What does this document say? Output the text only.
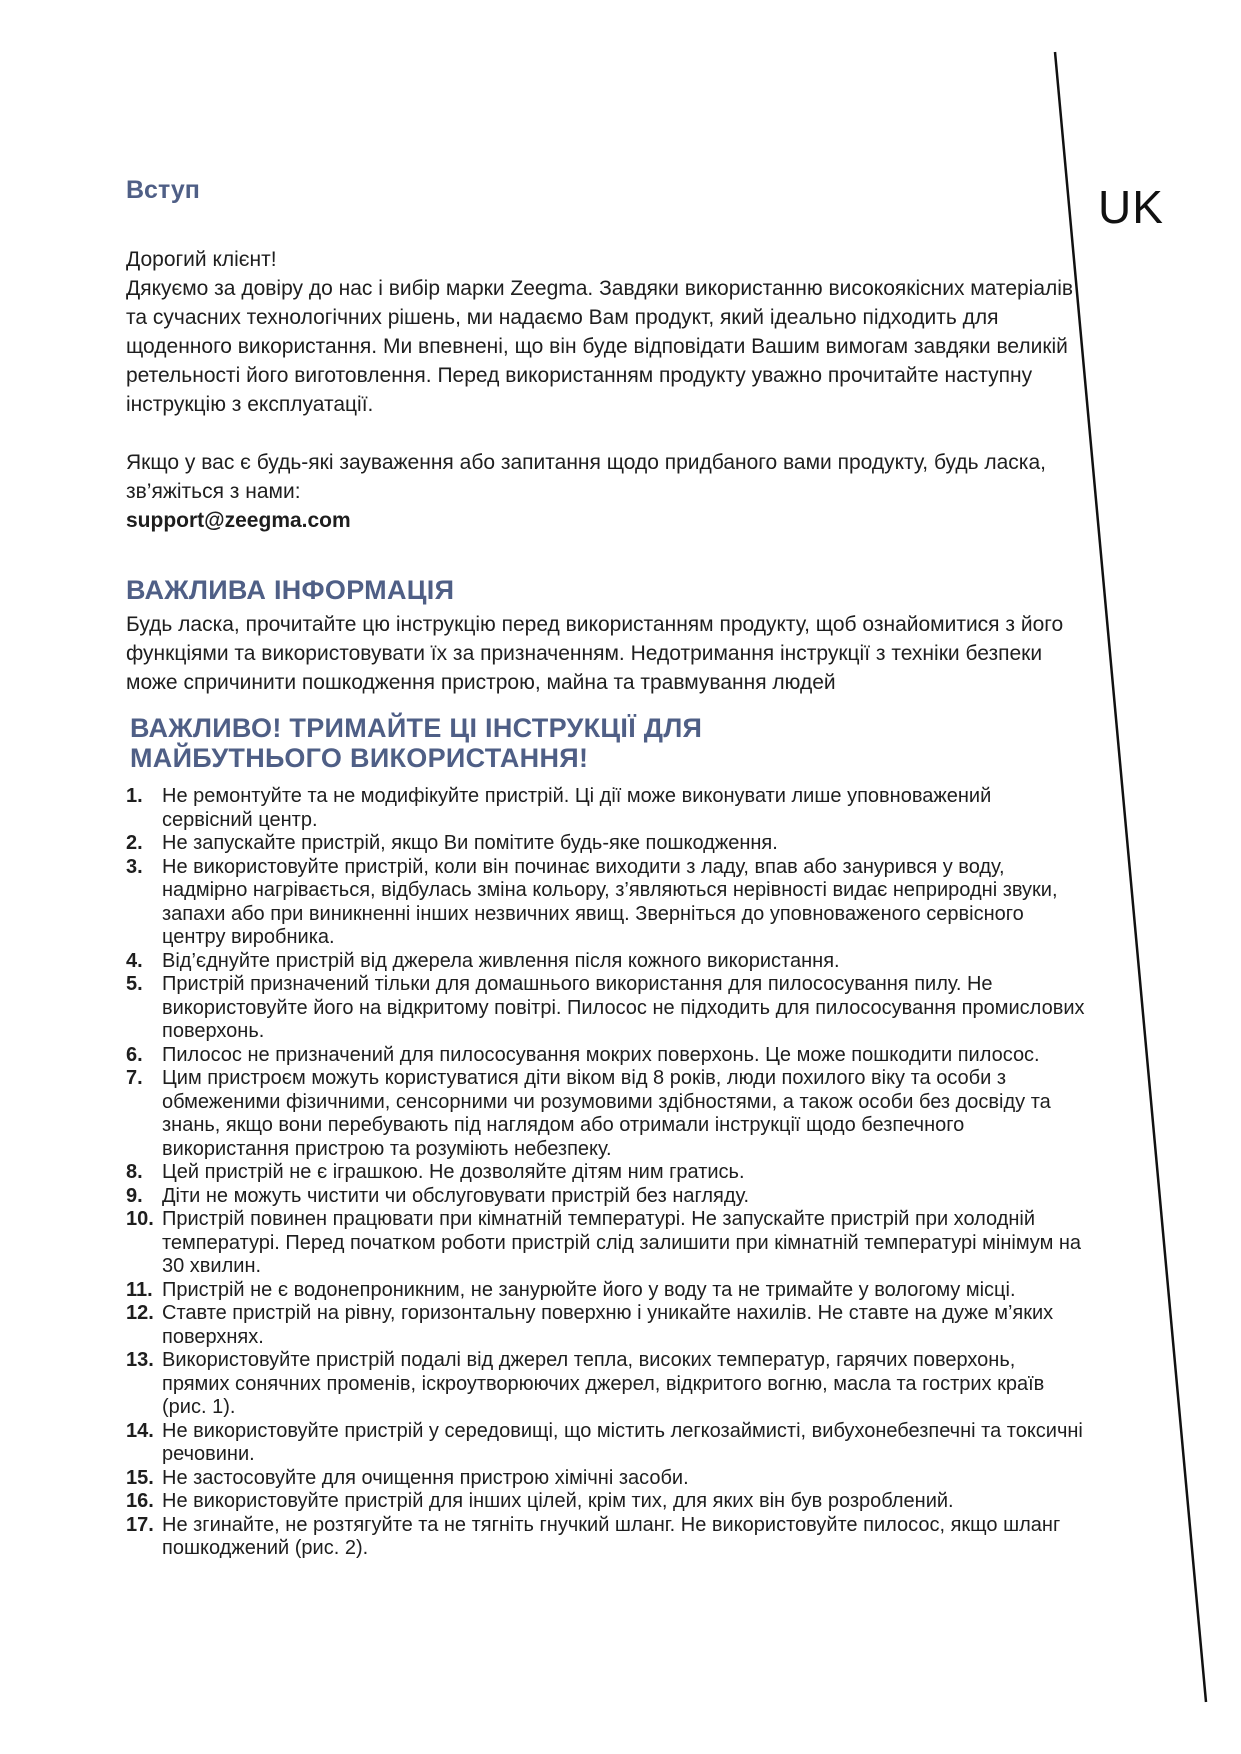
UK
Вступ

Дорогий клієнт!

Дякуємо за довіру до нас і вибір марки Zeegma. Завдяки використанню високоякісних матеріалів та сучасних технологічних рішень, ми надаємо Вам продукт, який ідеально підходить для щоденного використання. Ми впевнені, що він буде відповідати Вашим вимогам завдяки великій ретельності його виготовлення. Перед використанням продукту уважно прочитайте наступну інструкцію з експлуатації.

Якщо у вас є будь-які зауваження або запитання щодо придбаного вами продукту, будь ласка, зв’яжіться з нами:

support@zeegma.com
ВАЖЛИВА ІНФОРМАЦІЯ

Будь ласка, прочитайте цю інструкцію перед використанням продукту, щоб ознайомитися з його функціями та використовувати їх за призначенням. Недотримання інструкції з техніки безпеки може спричинити пошкодження пристрою, майна та травмування людей

ВАЖЛИВО! ТРИМАЙТЕ ЦІ ІНСТРУКЦІЇ ДЛЯ
МАЙБУТНЬОГО ВИКОРИСТАННЯ!
1. Не ремонтуйте та не модифікуйте пристрій. Ці дії може виконувати лише уповноважений сервісний центр.
2. Не запускайте пристрій, якщо Ви помітите будь-яке пошкодження.
3. Не використовуйте пристрій, коли він починає виходити з ладу, впав або занурився у воду, надмірно нагрівається, відбулась зміна кольору, з’являються нерівності видає неприродні звуки, запахи або при виникненні інших незвичних явищ. Зверніться до уповноваженого сервісного центру виробника.
4. Від’єднуйте пристрій від джерела живлення після кожного використання.
5. Пристрій призначений тільки для домашнього використання для пилососування пилу. Не використовуйте його на відкритому повітрі. Пилосос не підходить для пилососування промислових поверхонь.
6. Пилосос не призначений для пилососування мокрих поверхонь. Це може пошкодити пилосос.
7. Цим пристроєм можуть користуватися діти віком від 8 років, люди похилого віку та особи з обмеженими фізичними, сенсорними чи розумовими здібностями, а також особи без досвіду та знань, якщо вони перебувають під наглядом або отримали інструкції щодо безпечного використання пристрою та розуміють небезпеку.
8. Цей пристрій не є іграшкою. Не дозволяйте дітям ним гратись.
9. Діти не можуть чистити чи обслуговувати пристрій без нагляду.
10. Пристрій повинен працювати при кімнатній температурі. Не запускайте пристрій при холодній температурі. Перед початком роботи пристрій слід залишити при кімнатній температурі мінімум на 30 хвилин.
11. Пристрій не є водонепроникним, не занурюйте його у воду та не тримайте у вологому місці.
12. Ставте пристрій на рівну, горизонтальну поверхню і уникайте нахилів. Не ставте на дуже м’яких поверхнях.
13. Використовуйте пристрій подалі від джерел тепла, високих температур, гарячих поверхонь, прямих сонячних променів, іскроутворюючих джерел, відкритого вогню, масла та гострих країв (рис. 1).
14. Не використовуйте пристрій у середовищі, що містить легкозаймисті, вибухонебезпечні та токсичні речовини.
15. Не застосовуйте для очищення пристрою хімічні засоби.
16. Не використовуйте пристрій для інших цілей, крім тих, для яких він був розроблений.
17. Не згинайте, не розтягуйте та не тягніть гнучкий шланг. Не використовуйте пилосос, якщо шланг пошкоджений (рис. 2).
